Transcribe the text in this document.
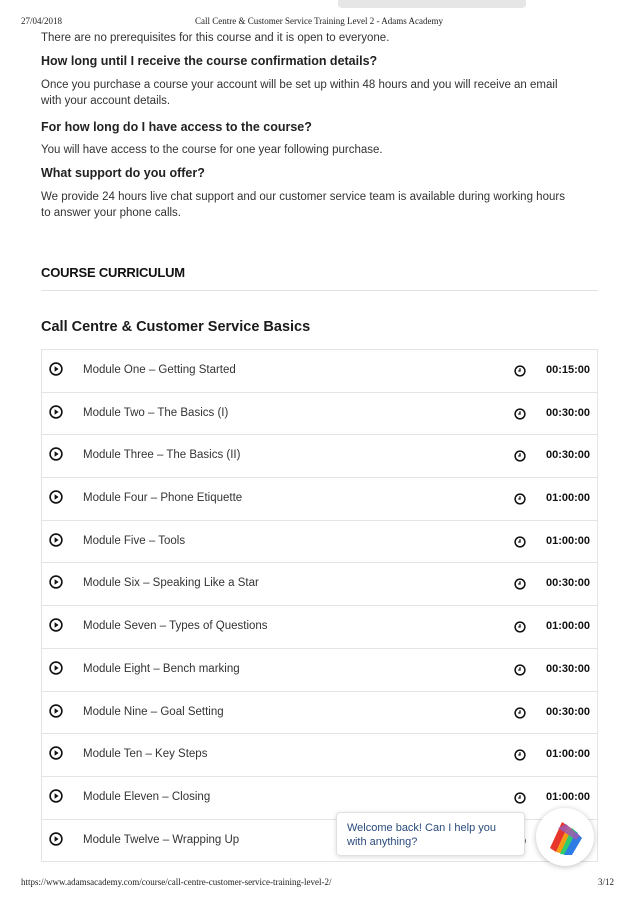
27/04/2018	Call Centre & Customer Service Training Level 2 - Adams Academy

There are no prerequisites for this course and it is open to everyone.

How long until I receive the course confirmation details?

Once you purchase a course your account will be set up within 48 hours and you will receive an email

with your account details.

For how long do I have access to the course?

You will have access to the course for one year following purchase.

What support do you offer?

We provide 24 hours live chat support and our customer service team is available during working hours

to answer your phone calls.

COURSE CURRICULUM
Call Centre & Customer Service Basics
Module One – Getting Started	00:15:00
Module Two – The Basics (I)	00:30:00
Module Three – The Basics (II)	00:30:00
Module Four – Phone Etiquette	01:00:00
Module Five – Tools	01:00:00
Module Six – Speaking Like a Star	00:30:00
Module Seven – Types of Questions	01:00:00
Module Eight – Bench marking	00:30:00
Module Nine – Goal Setting	00:30:00
Module Ten – Key Steps	01:00:00
Module Eleven – Closing	01:00:00
Module Twelve – Wrapping Up
Welcome back! Can I help you
with anything?
https://www.adamsacademy.com/course/call-centre-customer-service-training-level-2/	3/12
